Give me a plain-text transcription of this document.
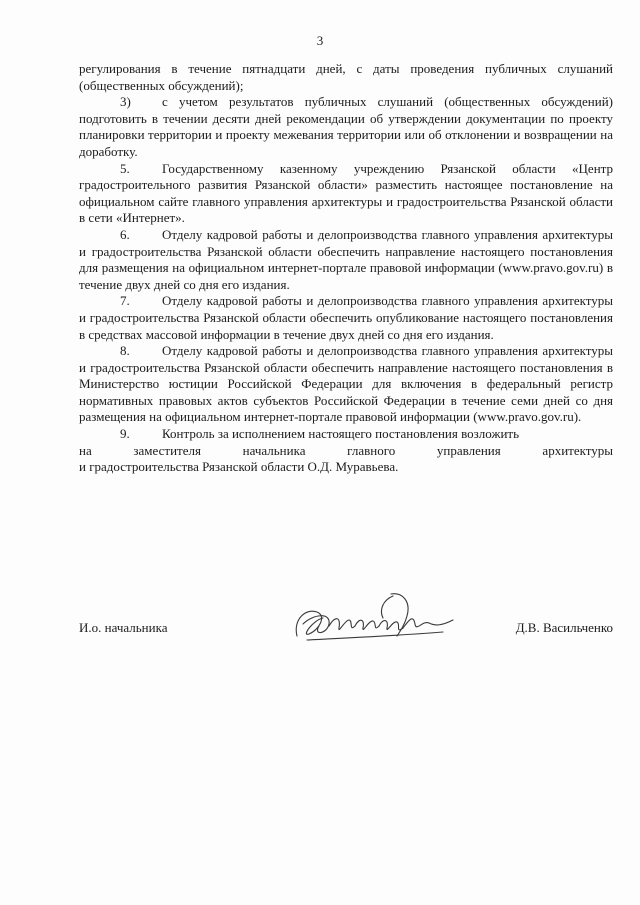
3

регулирования в течение пятнадцати дней, с даты проведения публичных слушаний (общественных обсуждений);

3) с учетом результатов публичных слушаний (общественных обсуждений) подготовить в течении десяти дней рекомендации об утверждении документации по проекту планировки территории и проекту межевания территории или об отклонении и возвращении на доработку.

5. Государственному казенному учреждению Рязанской области «Центр градостроительного развития Рязанской области» разместить настоящее постановление на официальном сайте главного управления архитектуры и градостроительства Рязанской области в сети «Интернет».

6. Отделу кадровой работы и делопроизводства главного управления архитектуры и градостроительства Рязанской области обеспечить направление настоящего постановления для размещения на официальном интернет-портале правовой информации (www.pravo.gov.ru) в течение двух дней со дня его издания.

7. Отделу кадровой работы и делопроизводства главного управления архитектуры и градостроительства Рязанской области обеспечить опубликование настоящего постановления в средствах массовой информации в течение двух дней со дня его издания.

8. Отделу кадровой работы и делопроизводства главного управления архитектуры и градостроительства Рязанской области обеспечить направление настоящего постановления в Министерство юстиции Российской Федерации для включения в федеральный регистр нормативных правовых актов субъектов Российской Федерации в течение семи дней со дня размещения на официальном интернет-портале правовой информации (www.pravo.gov.ru).

9. Контроль за исполнением настоящего постановления возложить
на	заместителя	начальника	главного	управления	архитектуры
и градостроительства Рязанской области О.Д. Муравьева.
И.о. начальника	Д.В. Васильченко
